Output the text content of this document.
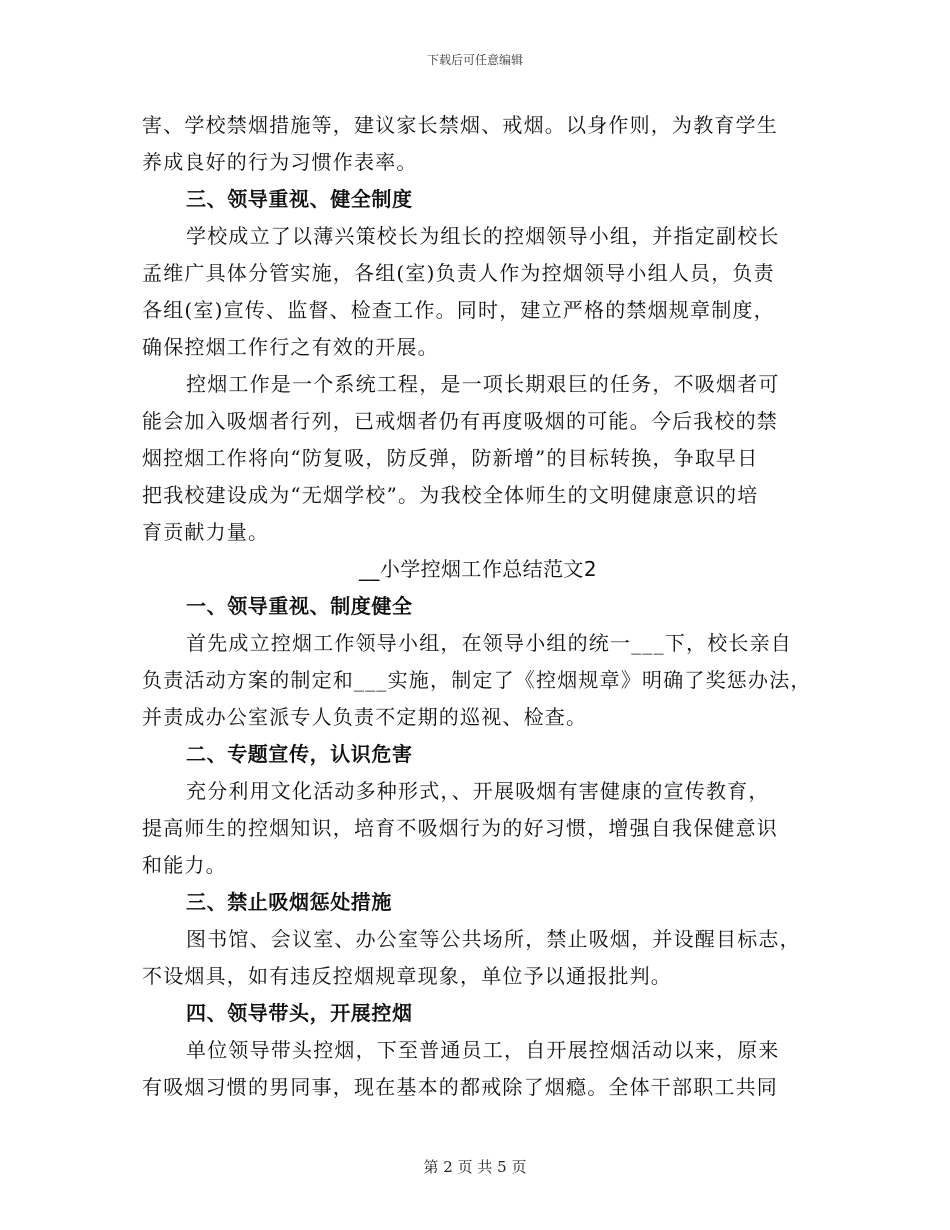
下载后可任意编辑
害、学校禁烟措施等，建议家长禁烟、戒烟。以身作则，为教育学生
养成良好的行为习惯作表率。
三、领导重视、健全制度
学校成立了以薄兴策校长为组长的控烟领导小组，并指定副校长
孟维广具体分管实施，各组(室)负责人作为控烟领导小组人员，负责
各组(室)宣传、监督、检查工作。同时，建立严格的禁烟规章制度，
确保控烟工作行之有效的开展。
控烟工作是一个系统工程，是一项长期艰巨的任务，不吸烟者可
能会加入吸烟者行列，已戒烟者仍有再度吸烟的可能。今后我校的禁
烟控烟工作将向“防复吸，防反弹，防新增”的目标转换，争取早日
把我校建设成为“无烟学校”。为我校全体师生的文明健康意识的培
育贡献力量。
__小学控烟工作总结范文2
一、领导重视、制度健全
首先成立控烟工作领导小组，在领导小组的统一___下，校长亲自
负责活动方案的制定和___实施，制定了《控烟规章》明确了奖惩办法，
并责成办公室派专人负责不定期的巡视、检查。
二、专题宣传，认识危害
充分利用文化活动多种形式，、开展吸烟有害健康的宣传教育，
提高师生的控烟知识，培育不吸烟行为的好习惯，增强自我保健意识
和能力。
三、禁止吸烟惩处措施
图书馆、会议室、办公室等公共场所，禁止吸烟，并设醒目标志，
不设烟具，如有违反控烟规章现象，单位予以通报批判。
四、领导带头，开展控烟
单位领导带头控烟，下至普通员工，自开展控烟活动以来，原来
有吸烟习惯的男同事，现在基本的都戒除了烟瘾。全体干部职工共同
第 2 页 共 5 页
